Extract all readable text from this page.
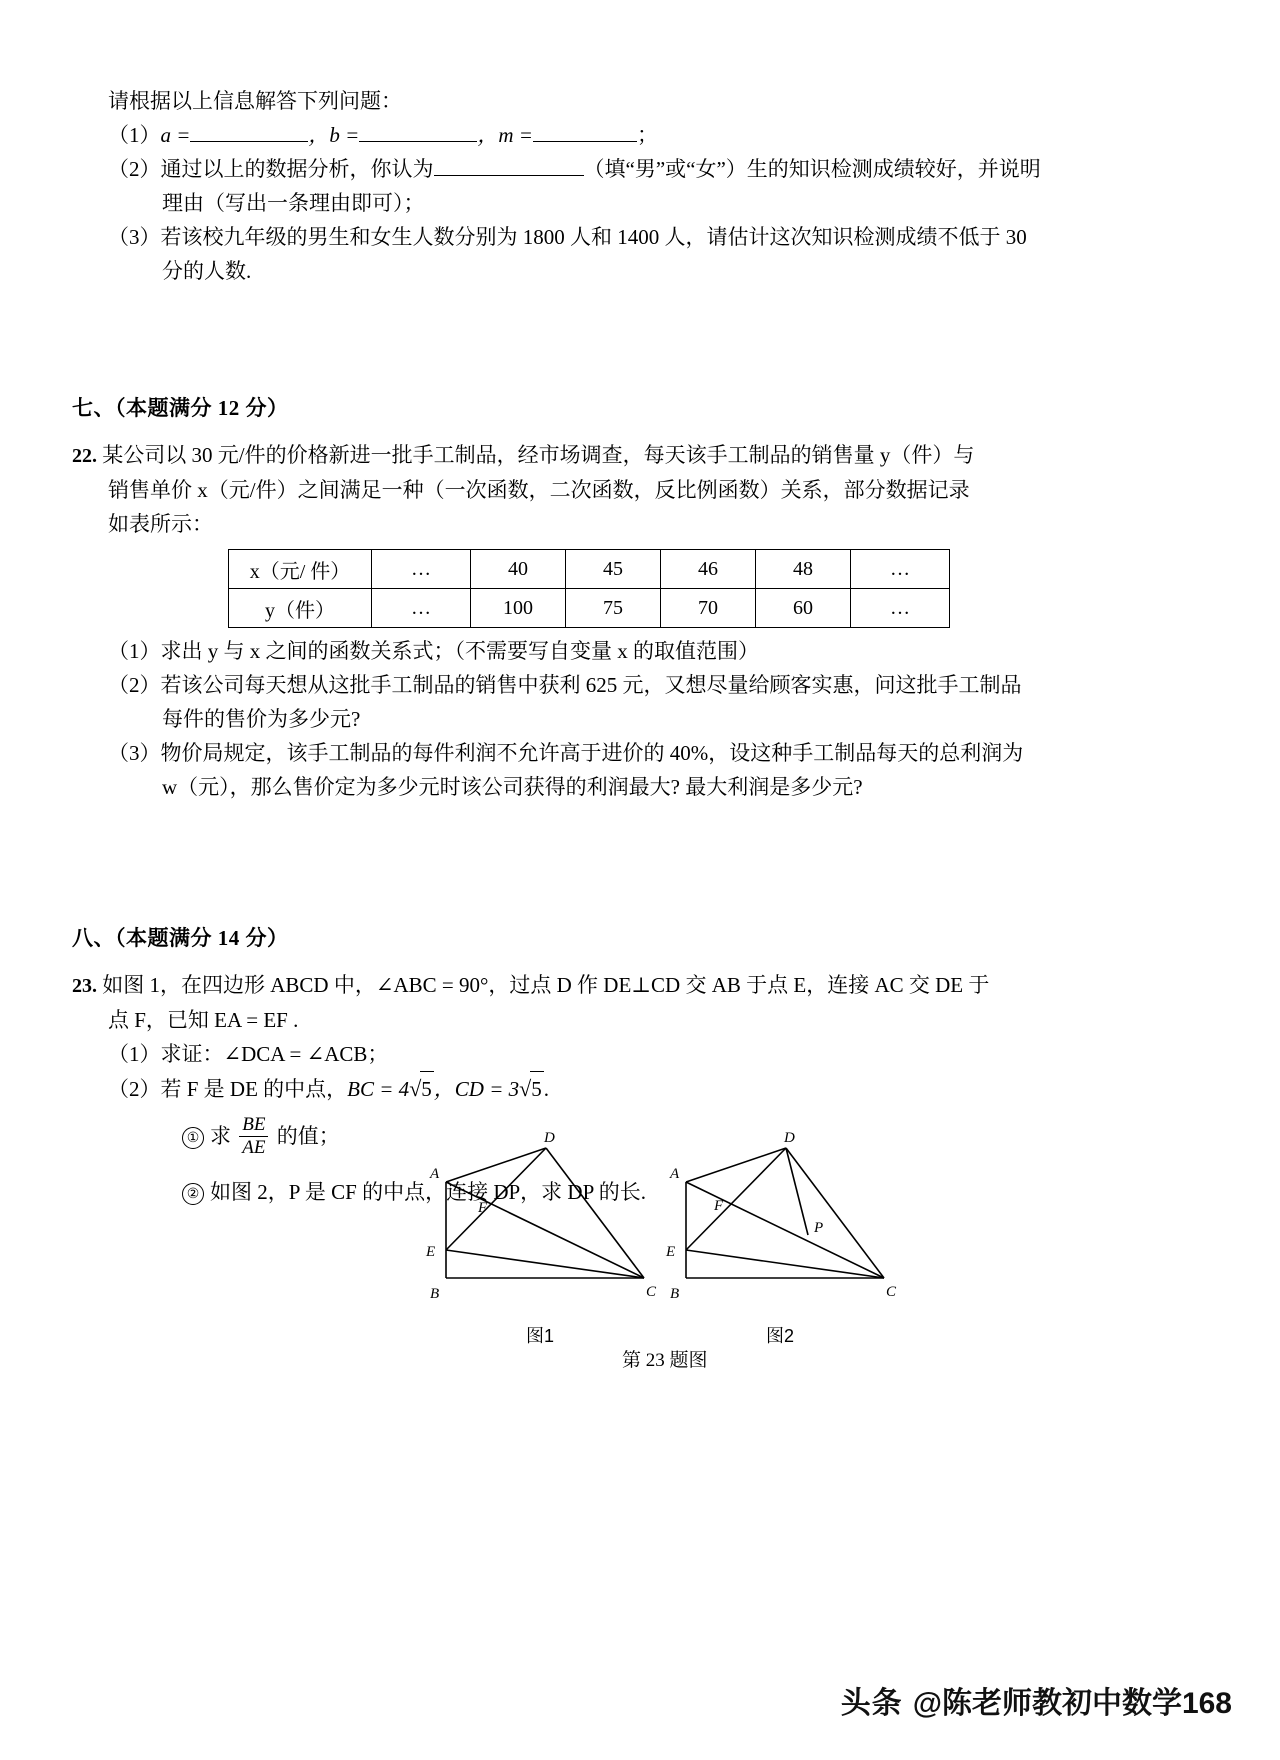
请根据以上信息解答下列问题：
（1）a =	，b =	，m =	；
（2）通过以上的数据分析，你认为	（填“男”或“女”）生的知识检测成绩较好，并说明
理由（写出一条理由即可）；
（3）若该校九年级的男生和女生人数分别为 1800 人和 1400 人，请估计这次知识检测成绩不低于 30
分的人数.
七、（本题满分 12 分）
22. 某公司以 30 元/件的价格新进一批手工制品，经市场调查，每天该手工制品的销售量 y（件）与
销售单价 x（元/件）之间满足一种（一次函数，二次函数，反比例函数）关系，部分数据记录
如表所示：
x（元/ 件）	…	40	45	46	48	…
y（件）	…	100	75	70	60	…
（1）求出 y 与 x 之间的函数关系式；（不需要写自变量 x 的取值范围）
（2）若该公司每天想从这批手工制品的销售中获利 625 元，又想尽量给顾客实惠，问这批手工制品
每件的售价为多少元?
（3）物价局规定，该手工制品的每件利润不允许高于进价的 40%，设这种手工制品每天的总利润为
w（元），那么售价定为多少元时该公司获得的利润最大? 最大利润是多少元?
八、（本题满分 14 分）
23. 如图 1，在四边形 ABCD 中，∠ABC = 90°，过点 D 作 DE⊥CD 交 AB 于点 E，连接 AC 交 DE 于
点 F，已知 EA = EF .
（1）求证：∠DCA = ∠ACB；
（2）若 F 是 DE 的中点，BC = 4√5，CD = 3√5.
① 求 $\frac{BE}{AE}$ 的值；
② 如图 2，P 是 CF 的中点，连接 DP，求 DP 的长.
A
E
B	C
D
F
图1
A
E
B	C
D
F
P
图2
第 23 题图
头条 @陈老师教初中数学168
